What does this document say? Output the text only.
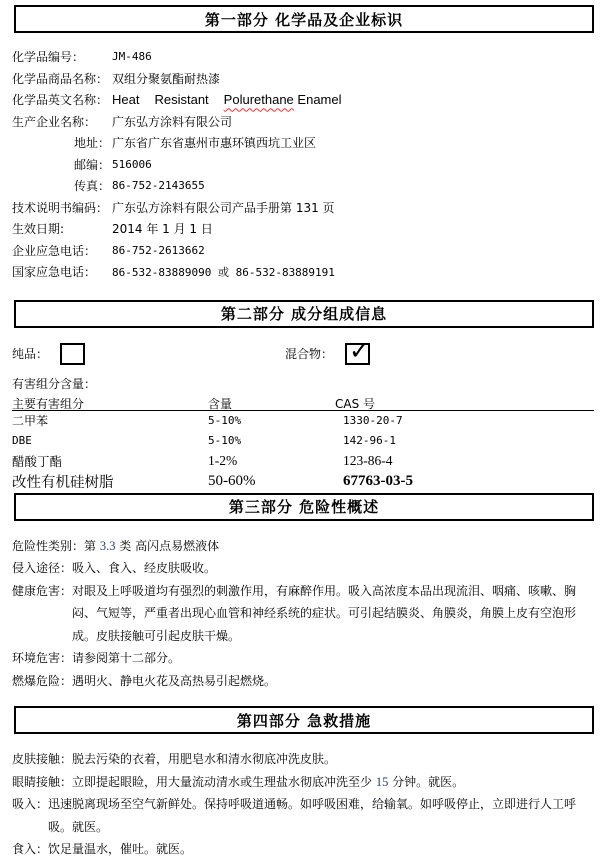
第一部分 化学品及企业标识
化学品编号：	JM-486
化学品商品名称： 双组分聚氨酯耐热漆
化学品英文名称： Heat Resistant Polurethane Enamel
生产企业名称：	广东弘方涂料有限公司
地址： 广东省广东省惠州市惠环镇西坑工业区
邮编： 516006
传真： 86-752-2143655
技术说明书编码： 广东弘方涂料有限公司产品手册第 131 页
生效日期:	2014 年 1 月 1 日
企业应急电话：	86-752-2613662
国家应急电话：	86-532-83889090 或 86-532-83889191
第二部分 成分组成信息
纯品：	混合物： ✓
有害组分含量：
主要有害组分	含量	CAS 号
二甲苯	5-10%	1330-20-7
DBE	5-10%	142-96-1
醋酸丁酯	1-2%	123-86-4
改性有机硅树脂	50-60%	67763-03-5
第三部分 危险性概述
危险性类别： 第 3.3 类 高闪点易燃液体
侵入途径： 吸入、食入、经皮肤吸收。
健康危害： 对眼及上呼吸道均有强烈的刺激作用，有麻醉作用。吸入高浓度本品出现流泪、咽痛、咳嗽、胸闷、气短等，严重者出现心血管和神经系统的症状。可引起结膜炎、角膜炎，角膜上皮有空泡形成。皮肤接触可引起皮肤干燥。
环境危害： 请参阅第十二部分。
燃爆危险： 遇明火、静电火花及高热易引起燃烧。
第四部分 急救措施
皮肤接触： 脱去污染的衣着，用肥皂水和清水彻底冲洗皮肤。
眼睛接触： 立即提起眼睑，用大量流动清水或生理盐水彻底冲洗至少 15 分钟。就医。
吸入： 迅速脱离现场至空气新鲜处。保持呼吸道通畅。如呼吸困难，给输氧。如呼吸停止，立即进行人工呼吸。就医。
食入： 饮足量温水，催吐。就医。
